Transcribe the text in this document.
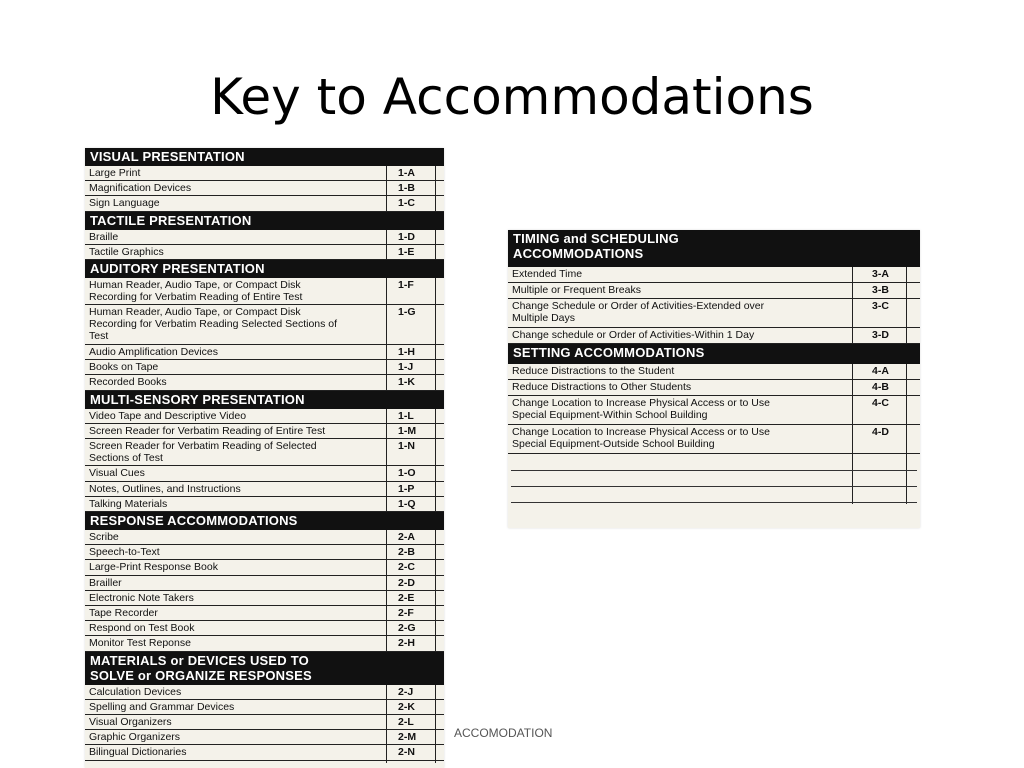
Key to Accommodations
VISUAL PRESENTATION
Large Print	1-A
Magnification Devices	1-B
Sign Language	1-C
TACTILE PRESENTATION
Braille	1-D
Tactile Graphics	1-E
AUDITORY PRESENTATION
Human Reader, Audio Tape, or Compact Disk
Recording for Verbatim Reading of Entire Test
1-F
Human Reader, Audio Tape, or Compact Disk
Recording for Verbatim Reading Selected Sections of
Test
1-G
Audio Amplification Devices	1-H
Books on Tape	1-J
Recorded Books	1-K
MULTI-SENSORY PRESENTATION
Video Tape and Descriptive Video	1-L
Screen Reader for Verbatim Reading of Entire Test	1-M
Screen Reader for Verbatim Reading of Selected
Sections of Test
1-N
Visual Cues	1-O
Notes, Outlines, and Instructions	1-P
Talking Materials	1-Q
RESPONSE ACCOMMODATIONS
Scribe	2-A
Speech-to-Text	2-B
Large-Print Response Book	2-C
Brailler	2-D
Electronic Note Takers	2-E
Tape Recorder	2-F
Respond on Test Book	2-G
Monitor Test Reponse	2-H
MATERIALS or DEVICES USED TO
SOLVE or ORGANIZE RESPONSES
Calculation Devices	2-J
Spelling and Grammar Devices	2-K
Visual Organizers	2-L
Graphic Organizers	2-M
Bilingual Dictionaries	2-N
TIMING and SCHEDULING
ACCOMMODATIONS
Extended Time	3-A
Multiple or Frequent Breaks	3-B
Change Schedule or Order of Activities-Extended over
Multiple Days
3-C
Change schedule or Order of Activities-Within 1 Day	3-D
SETTING ACCOMMODATIONS
Reduce Distractions to the Student	4-A
Reduce Distractions to Other Students	4-B
Change Location to Increase Physical Access or to Use
Special Equipment-Within School Building
4-C
Change Location to Increase Physical Access or to Use
Special Equipment-Outside School Building
4-D
ACCOMODATION
